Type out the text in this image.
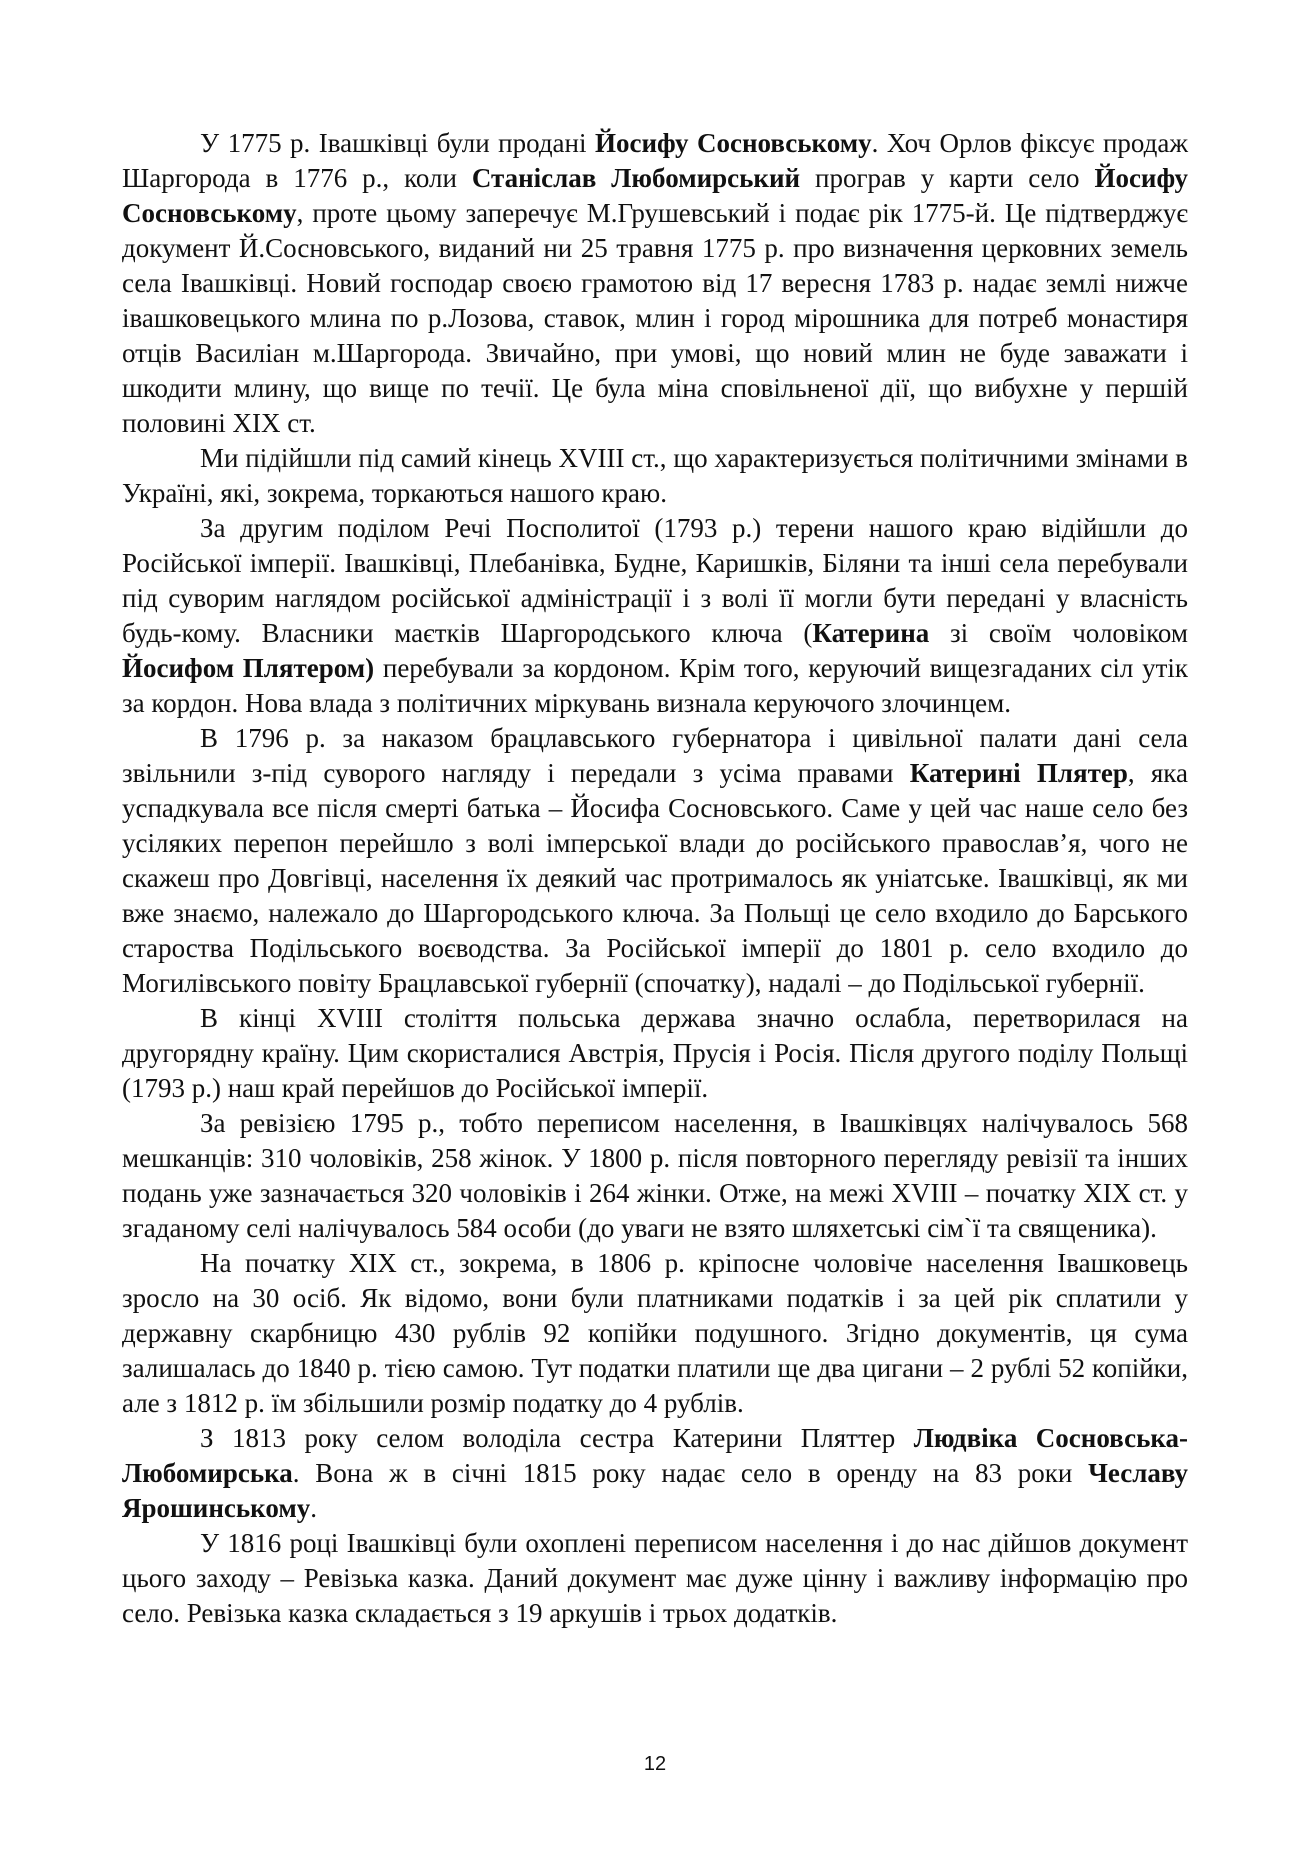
У 1775 р. Івашківці були продані Йосифу Сосновському. Хоч Орлов фіксує продаж Шаргорода в 1776 р., коли Станіслав Любомирський програв у карти село Йосифу Сосновському, проте цьому заперечує М.Грушевський і подає рік 1775-й. Це підтверджує документ Й.Сосновського, виданий ни 25 травня 1775 р. про визначення церковних земель села Івашківці. Новий господар своєю грамотою від 17 вересня 1783 р. надає землі нижче івашковецького млина по р.Лозова, ставок, млин і город мірошника для потреб монастиря отців Василіан м.Шаргорода. Звичайно, при умові, що новий млин не буде заважати і шкодити млину, що вище по течії. Це була міна сповільненої дії, що вибухне у першій половині ХІХ ст.

Ми підійшли під самий кінець ХVІІІ ст., що характеризується політичними змінами в Україні, які, зокрема, торкаються нашого краю.

За другим поділом Речі Посполитої (1793 р.) терени нашого краю відійшли до Російської імперії. Івашківці, Плебанівка, Будне, Каришків, Біляни та інші села перебували під суворим наглядом російської адміністрації і з волі її могли бути передані у власність будь-кому. Власники маєтків Шаргородського ключа (Катерина зі своїм чоловіком Йосифом Плятером) перебували за кордоном. Крім того, керуючий вищезгаданих сіл утік за кордон. Нова влада з політичних міркувань визнала керуючого злочинцем.

В 1796 р. за наказом брацлавського губернатора і цивільної палати дані села звільнили з-під суворого нагляду і передали з усіма правами Катерині Плятер, яка успадкувала все після смерті батька – Йосифа Сосновського. Саме у цей час наше село без усіляких перепон перейшло з волі імперської влади до російського православ’я, чого не скажеш про Довгівці, населення їх деякий час протрималось як уніатське. Івашківці, як ми вже знаємо, належало до Шаргородського ключа. За Польщі це село входило до Барського староства Подільського воєводства. За Російської імперії до 1801 р. село входило до Могилівського повіту Брацлавської губернії (спочатку), надалі – до Подільської губернії.

В кінці ХVІІІ століття польська держава значно ослабла, перетворилася на другорядну країну. Цим скористалися Австрія, Прусія і Росія. Після другого поділу Польщі (1793 р.) наш край перейшов до Російської імперії.

За ревізією 1795 р., тобто переписом населення, в Івашківцях налічувалось 568 мешканців: 310 чоловіків, 258 жінок. У 1800 р. після повторного перегляду ревізії та інших подань уже зазначається 320 чоловіків і 264 жінки. Отже, на межі ХVІІІ – початку ХІХ ст. у згаданому селі налічувалось 584 особи (до уваги не взято шляхетські сім`ї та священика).

На початку ХІХ ст., зокрема, в 1806 р. кріпосне чоловіче населення Івашковець зросло на 30 осіб. Як відомо, вони були платниками податків і за цей рік сплатили у державну скарбницю 430 рублів 92 копійки подушного. Згідно документів, ця сума залишалась до 1840 р. тією самою. Тут податки платили ще два цигани – 2 рублі 52 копійки, але з 1812 р. їм збільшили розмір податку до 4 рублів.

З 1813 року селом володіла сестра Катерини Пляттер Людвіка Сосновська-Любомирська. Вона ж в січні 1815 року надає село в оренду на 83 роки Чеславу Ярошинському.

У 1816 році Івашківці були охоплені переписом населення і до нас дійшов документ цього заходу – Ревізька казка. Даний документ має дуже цінну і важливу інформацію про село. Ревізька казка складається з 19 аркушів і трьох додатків.

12
